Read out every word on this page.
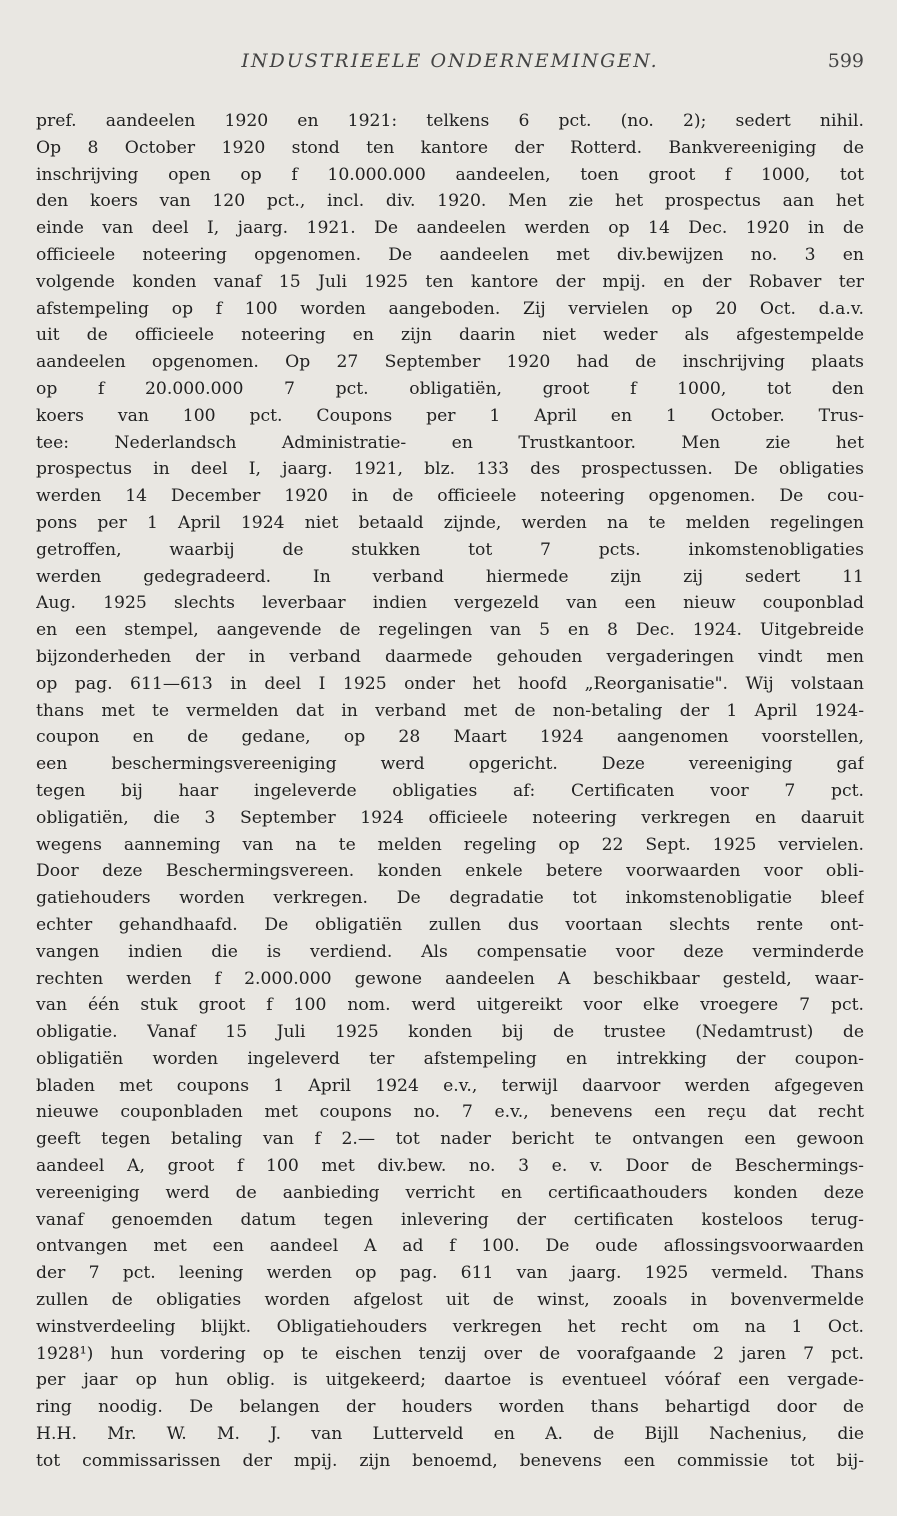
INDUSTRIEELE ONDERNEMINGEN.	599
pref. aandeelen 1920 en 1921: telkens 6 pct. (no. 2); sedert nihil.
Op 8 October 1920 stond ten kantore der Rotterd. Bankvereeniging de
inschrijving open op f 10.000.000 aandeelen, toen groot f 1000, tot
den koers van 120 pct., incl. div. 1920. Men zie het prospectus aan het
einde van deel I, jaarg. 1921. De aandeelen werden op 14 Dec. 1920 in de
officieele noteering opgenomen. De aandeelen met div.bewijzen no. 3 en
volgende konden vanaf 15 Juli 1925 ten kantore der mpij. en der Robaver ter
afstempeling op f 100 worden aangeboden. Zij vervielen op 20 Oct. d.a.v.
uit de officieele noteering en zijn daarin niet weder als afgestempelde
aandeelen opgenomen. Op 27 September 1920 had de inschrijving plaats
op f 20.000.000 7 pct. obligatiën, groot f 1000, tot den
koers van 100 pct. Coupons per 1 April en 1 October. Trus-
tee: Nederlandsch Administratie- en Trustkantoor. Men zie het
prospectus in deel I, jaarg. 1921, blz. 133 des prospectussen. De obligaties
werden 14 December 1920 in de officieele noteering opgenomen. De cou-
pons per 1 April 1924 niet betaald zijnde, werden na te melden regelingen
getroffen, waarbij de stukken tot 7 pcts. inkomstenobligaties
werden gedegradeerd. In verband hiermede zijn zij sedert 11
Aug. 1925 slechts leverbaar indien vergezeld van een nieuw couponblad
en een stempel, aangevende de regelingen van 5 en 8 Dec. 1924. Uitgebreide
bijzonderheden der in verband daarmede gehouden vergaderingen vindt men
op pag. 611—613 in deel I 1925 onder het hoofd „Reorganisatie". Wij volstaan
thans met te vermelden dat in verband met de non-betaling der 1 April 1924-
coupon en de gedane, op 28 Maart 1924 aangenomen voorstellen,
een beschermingsvereeniging werd opgericht. Deze vereeniging gaf
tegen bij haar ingeleverde obligaties af: Certificaten voor 7 pct.
obligatiën, die 3 September 1924 officieele noteering verkregen en daaruit
wegens aanneming van na te melden regeling op 22 Sept. 1925 vervielen.
Door deze Beschermingsvereen. konden enkele betere voorwaarden voor obli-
gatiehouders worden verkregen. De degradatie tot inkomstenobligatie bleef
echter gehandhaafd. De obligatiën zullen dus voortaan slechts rente ont-
vangen indien die is verdiend. Als compensatie voor deze verminderde
rechten werden f 2.000.000 gewone aandeelen A beschikbaar gesteld, waar-
van één stuk groot f 100 nom. werd uitgereikt voor elke vroegere 7 pct.
obligatie. Vanaf 15 Juli 1925 konden bij de trustee (Nedamtrust) de
obligatiën worden ingeleverd ter afstempeling en intrekking der coupon-
bladen met coupons 1 April 1924 e.v., terwijl daarvoor werden afgegeven
nieuwe couponbladen met coupons no. 7 e.v., benevens een reçu dat recht
geeft tegen betaling van f 2.— tot nader bericht te ontvangen een gewoon
aandeel A, groot f 100 met div.bew. no. 3 e. v. Door de Beschermings-
vereeniging werd de aanbieding verricht en certificaathouders konden deze
vanaf genoemden datum tegen inlevering der certificaten kosteloos terug-
ontvangen met een aandeel A ad f 100. De oude aflossingsvoorwaarden
der 7 pct. leening werden op pag. 611 van jaarg. 1925 vermeld. Thans
zullen de obligaties worden afgelost uit de winst, zooals in bovenvermelde
winstverdeeling blijkt. Obligatiehouders verkregen het recht om na 1 Oct.
1928¹) hun vordering op te eischen tenzij over de voorafgaande 2 jaren 7 pct.
per jaar op hun oblig. is uitgekeerd; daartoe is eventueel vóóraf een vergade-
ring noodig. De belangen der houders worden thans behartigd door de
H.H. Mr. W. M. J. van Lutterveld en A. de Bijll Nachenius, die
tot commissarissen der mpij. zijn benoemd, benevens een commissie tot bij-
